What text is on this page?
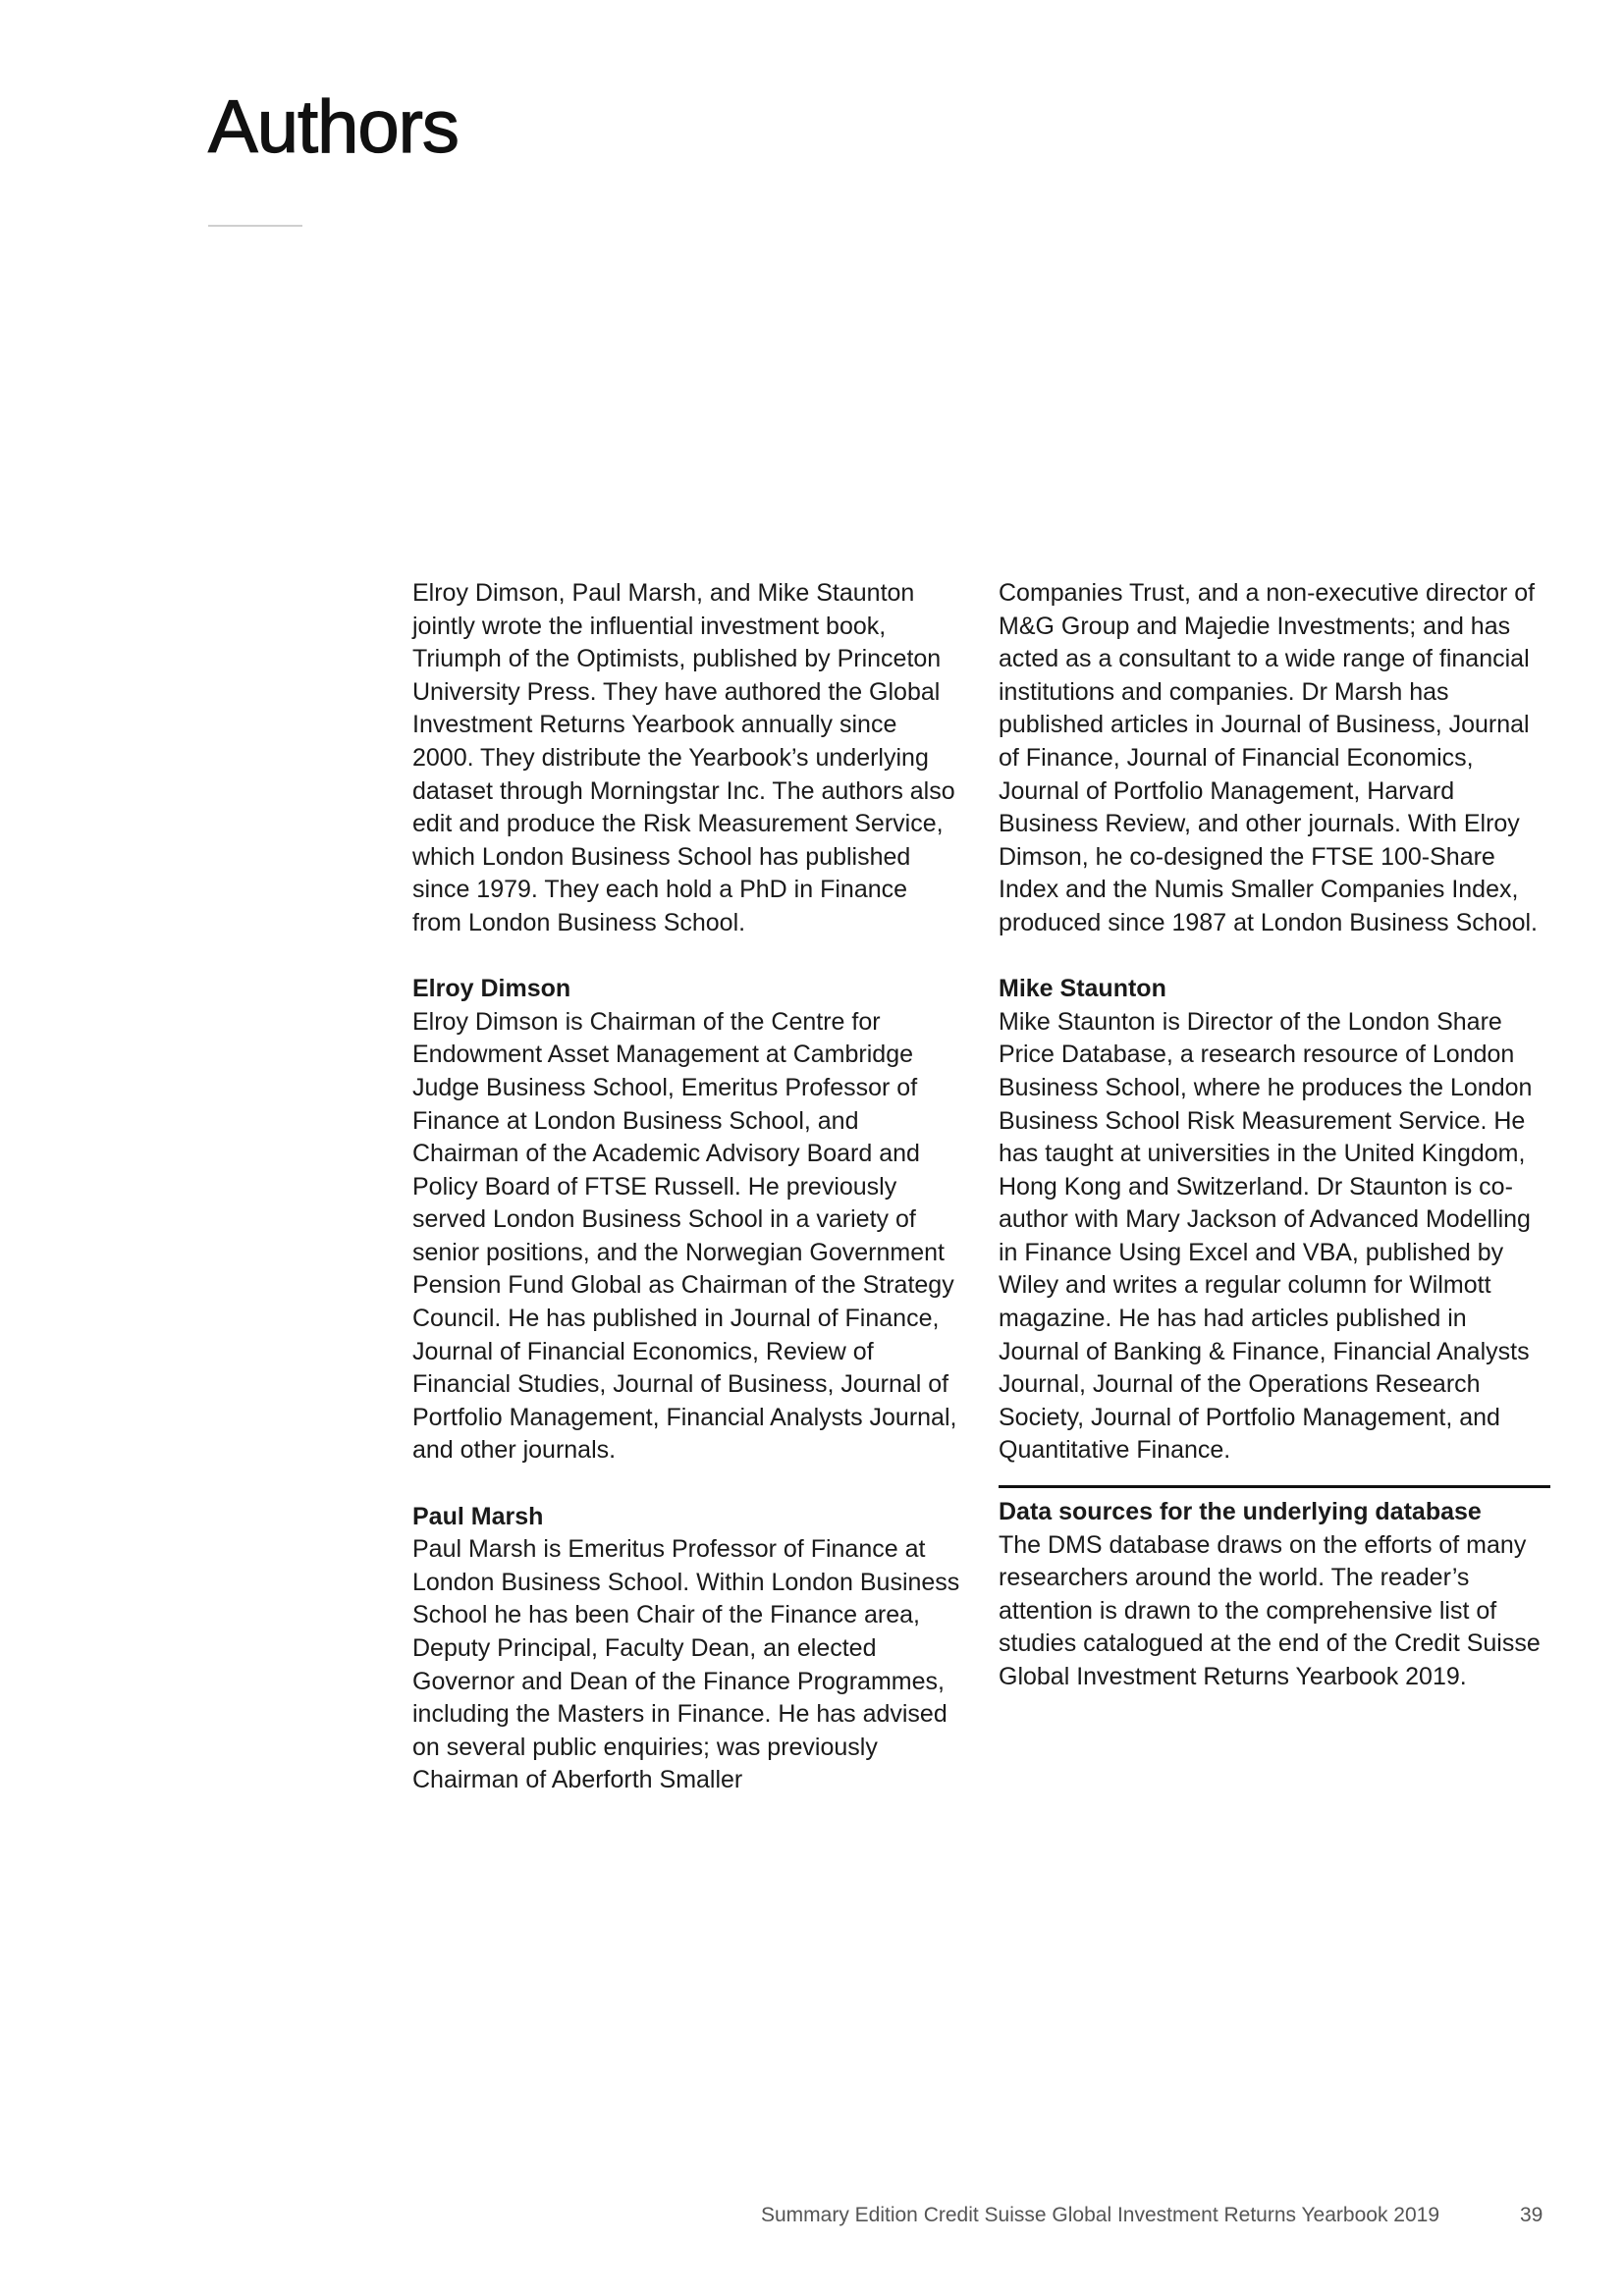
Authors

Elroy Dimson, Paul Marsh, and Mike Staunton jointly wrote the influential investment book, Triumph of the Optimists, published by Princeton University Press. They have authored the Global Investment Returns Yearbook annually since 2000. They distribute the Yearbook’s underlying dataset through Morningstar Inc. The authors also edit and produce the Risk Measurement Service, which London Business School has published since 1979. They each hold a PhD in Finance from London Business School.

Elroy Dimson

Elroy Dimson is Chairman of the Centre for Endowment Asset Management at Cambridge Judge Business School, Emeritus Professor of Finance at London Business School, and Chairman of the Academic Advisory Board and Policy Board of FTSE Russell. He previously served London Business School in a variety of senior positions, and the Norwegian Government Pension Fund Global as Chairman of the Strategy Council. He has published in Journal of Finance, Journal of Financial Economics, Review of Financial Studies, Journal of Business, Journal of Portfolio Management, Financial Analysts Journal, and other journals.

Paul Marsh

Paul Marsh is Emeritus Professor of Finance at London Business School. Within London Business School he has been Chair of the Finance area, Deputy Principal, Faculty Dean, an elected Governor and Dean of the Finance Programmes, including the Masters in Finance. He has advised on several public enquiries; was previously Chairman of Aberforth Smaller

Companies Trust, and a non-executive director of M&G Group and Majedie Investments; and has acted as a consultant to a wide range of financial institutions and companies. Dr Marsh has published articles in Journal of Business, Journal of Finance, Journal of Financial Economics, Journal of Portfolio Management, Harvard Business Review, and other journals. With Elroy Dimson, he co-designed the FTSE 100-Share Index and the Numis Smaller Companies Index, produced since 1987 at London Business School.

Mike Staunton

Mike Staunton is Director of the London Share Price Database, a research resource of London Business School, where he produces the London Business School Risk Measurement Service. He has taught at universities in the United Kingdom, Hong Kong and Switzerland. Dr Staunton is co-author with Mary Jackson of Advanced Modelling in Finance Using Excel and VBA, published by Wiley and writes a regular column for Wilmott magazine. He has had articles published in Journal of Banking & Finance, Financial Analysts Journal, Journal of the Operations Research Society, Journal of Portfolio Management, and Quantitative Finance.

Data sources for the underlying database

The DMS database draws on the efforts of many researchers around the world. The reader’s attention is drawn to the comprehensive list of studies catalogued at the end of the Credit Suisse Global Investment Returns Yearbook 2019.

Summary Edition Credit Suisse Global Investment Returns Yearbook 2019	39
